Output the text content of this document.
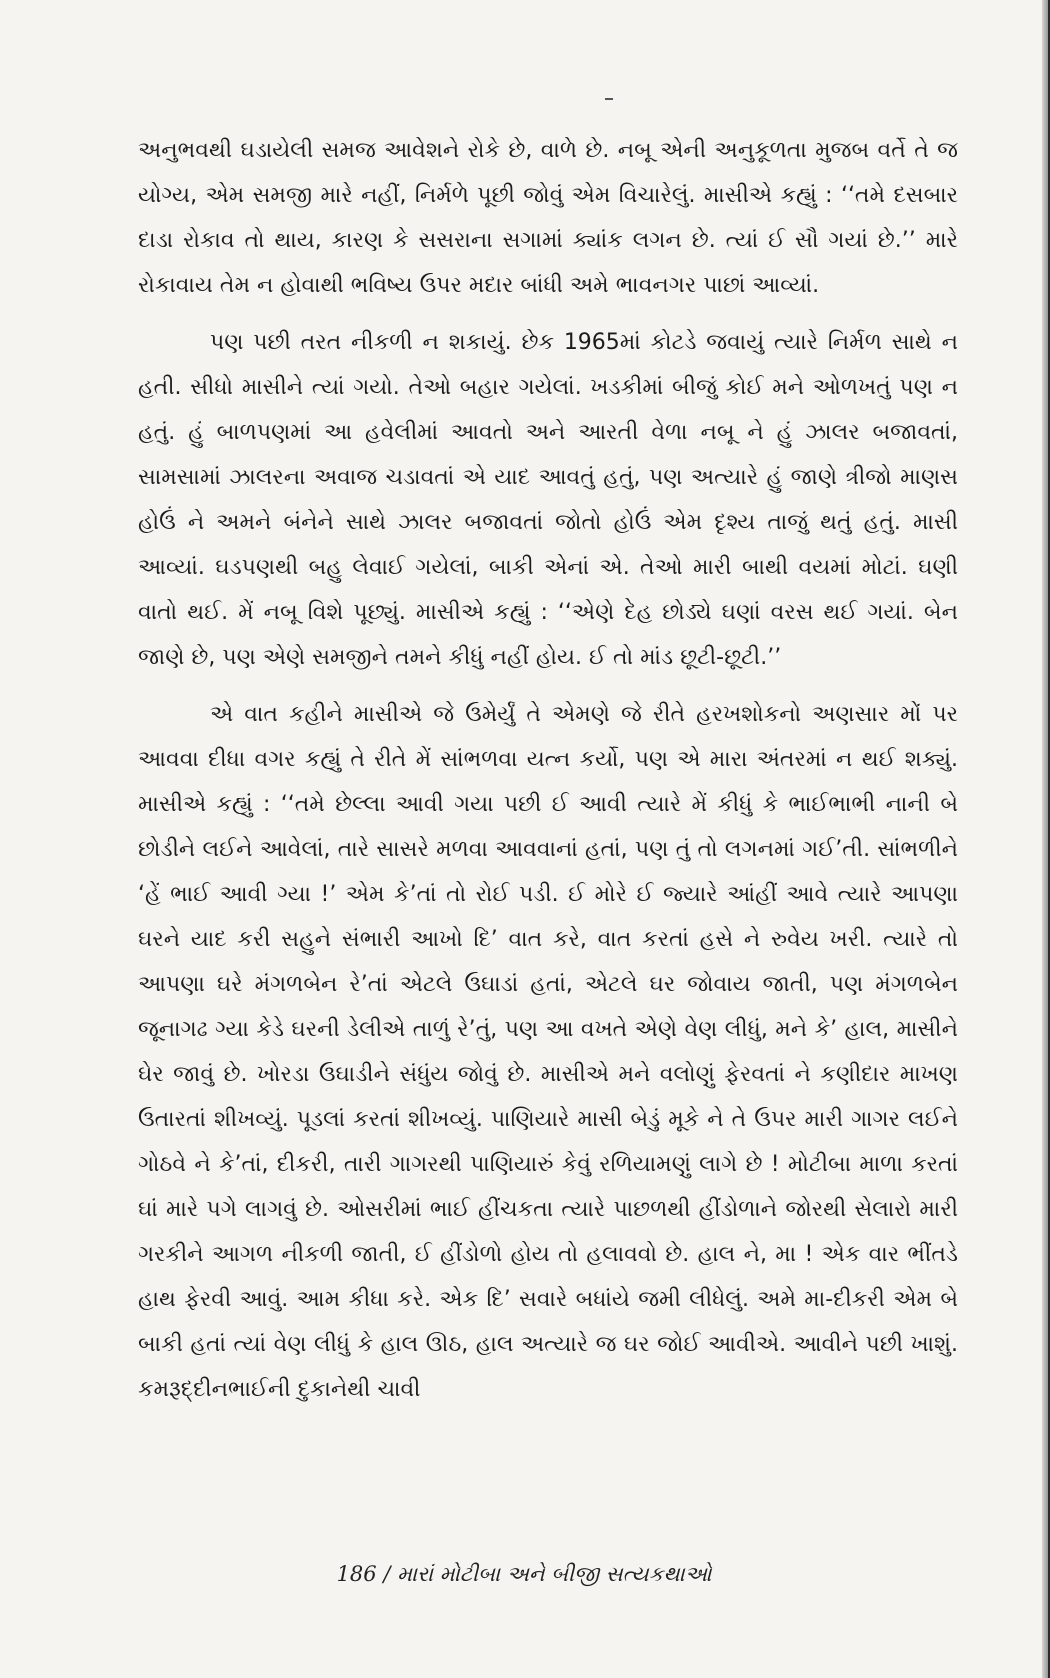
અનુભવથી ઘડાયેલી સમજ આવેશને રોકે છે, વાળે છે. નબૂ એની અનુકૂળતા મુજબ વર્તે તે જ યોગ્ય, એમ સમજી મારે નહીં, નિર્મળે પૂછી જોવું એમ વિચારેલું. માસીએ કહ્યું : ‘‘તમે દસબાર દાડા રોકાવ તો થાય, કારણ કે સસરાના સગામાં ક્યાંક લગન છે. ત્યાં ઈ સૌ ગયાં છે.’’ મારે રોકાવાય તેમ ન હોવાથી ભવિષ્ય ઉપર મદાર બાંધી અમે ભાવનગર પાછાં આવ્યાં.

પણ પછી તરત નીકળી ન શકાયું. છેક 1965માં કોટડે જવાયું ત્યારે નિર્મળ સાથે ન હતી. સીધો માસીને ત્યાં ગયો. તેઓ બહાર ગયેલાં. ખડકીમાં બીજું કોઈ મને ઓળખતું પણ ન હતું. હું બાળપણમાં આ હવેલીમાં આવતો અને આરતી વેળા નબૂ ને હું ઝાલર બજાવતાં, સામસામાં ઝાલરના અવાજ ચડાવતાં એ યાદ આવતું હતું, પણ અત્યારે હું જાણે ત્રીજો માણસ હોઉં ને અમને બંનેને સાથે ઝાલર બજાવતાં જોતો હોઉં એમ દૃશ્ય તાજું થતું હતું. માસી આવ્યાં. ઘડપણથી બહુ લેવાઈ ગયેલાં, બાકી એનાં એ. તેઓ મારી બાથી વયમાં મોટાં. ઘણી વાતો થઈ. મેં નબૂ વિશે પૂછ્યું. માસીએ કહ્યું : ‘‘એણે દેહ છોડ્યે ઘણાં વરસ થઈ ગયાં. બેન જાણે છે, પણ એણે સમજીને તમને કીધું નહીં હોય. ઈ તો માંડ છૂટી-છૂટી.’’

એ વાત કહીને માસીએ જે ઉમેર્યું તે એમણે જે રીતે હરખશોકનો અણસાર મોં પર આવવા દીધા વગર કહ્યું તે રીતે મેં સાંભળવા યત્ન કર્યો, પણ એ મારા અંતરમાં ન થઈ શક્યું. માસીએ કહ્યું : ‘‘તમે છેલ્લા આવી ગયા પછી ઈ આવી ત્યારે મેં કીધું કે ભાઈભાભી નાની બે છોડીને લઈને આવેલાં, તારે સાસરે મળવા આવવાનાં હતાં, પણ તું તો લગનમાં ગઈ’તી. સાંભળીને ‘હેં ભાઈ આવી ગ્યા !’ એમ કે’તાં તો રોઈ પડી. ઈ મોરે ઈ જ્યારે આંહીં આવે ત્યારે આપણા ઘરને યાદ કરી સહુને સંભારી આખો દિ’ વાત કરે, વાત કરતાં હસે ને રુવેય ખરી. ત્યારે તો આપણા ઘરે મંગળબેન રે’તાં એટલે ઉઘાડાં હતાં, એટલે ઘર જોવાય જાતી, પણ મંગળબેન જૂનાગઢ ગ્યા કેડે ઘરની ડેલીએ તાળું રે’તું, પણ આ વખતે એણે વેણ લીધું, મને કે’ હાલ, માસીને ઘેર જાવું છે. ખોરડા ઉઘાડીને સંધુંય જોવું છે. માસીએ મને વલોણું ફેરવતાં ને કણીદાર માખણ ઉતારતાં શીખવ્યું. પૂડલાં કરતાં શીખવ્યું. પાણિયારે માસી બેડું મૂકે ને તે ઉપર મારી ગાગર લઈને ગોઠવે ને કે’તાં, દીકરી, તારી ગાગરથી પાણિયારું કેવું રળિયામણું લાગે છે ! મોટીબા માળા કરતાં ઘાં મારે પગે લાગવું છે. ઓસરીમાં ભાઈ હીંચકતા ત્યારે પાછળથી હીંડોળાને જોરથી સેલારો મારી ગરકીને આગળ નીકળી જાતી, ઈ હીંડોળો હોય તો હલાવવો છે. હાલ ને, મા ! એક વાર ભીંતડે હાથ ફેરવી આવું. આમ કીધા કરે. એક દિ’ સવારે બધાંયે જમી લીધેલું. અમે મા-દીકરી એમ બે બાકી હતાં ત્યાં વેણ લીધું કે હાલ ઊઠ, હાલ અત્યારે જ ઘર જોઈ આવીએ. આવીને પછી ખાશું. કમરૂદ્દીનભાઈની દુકાનેથી ચાવી

186 / મારાં મોટીબા અને બીજી સત્યકથાઓ
